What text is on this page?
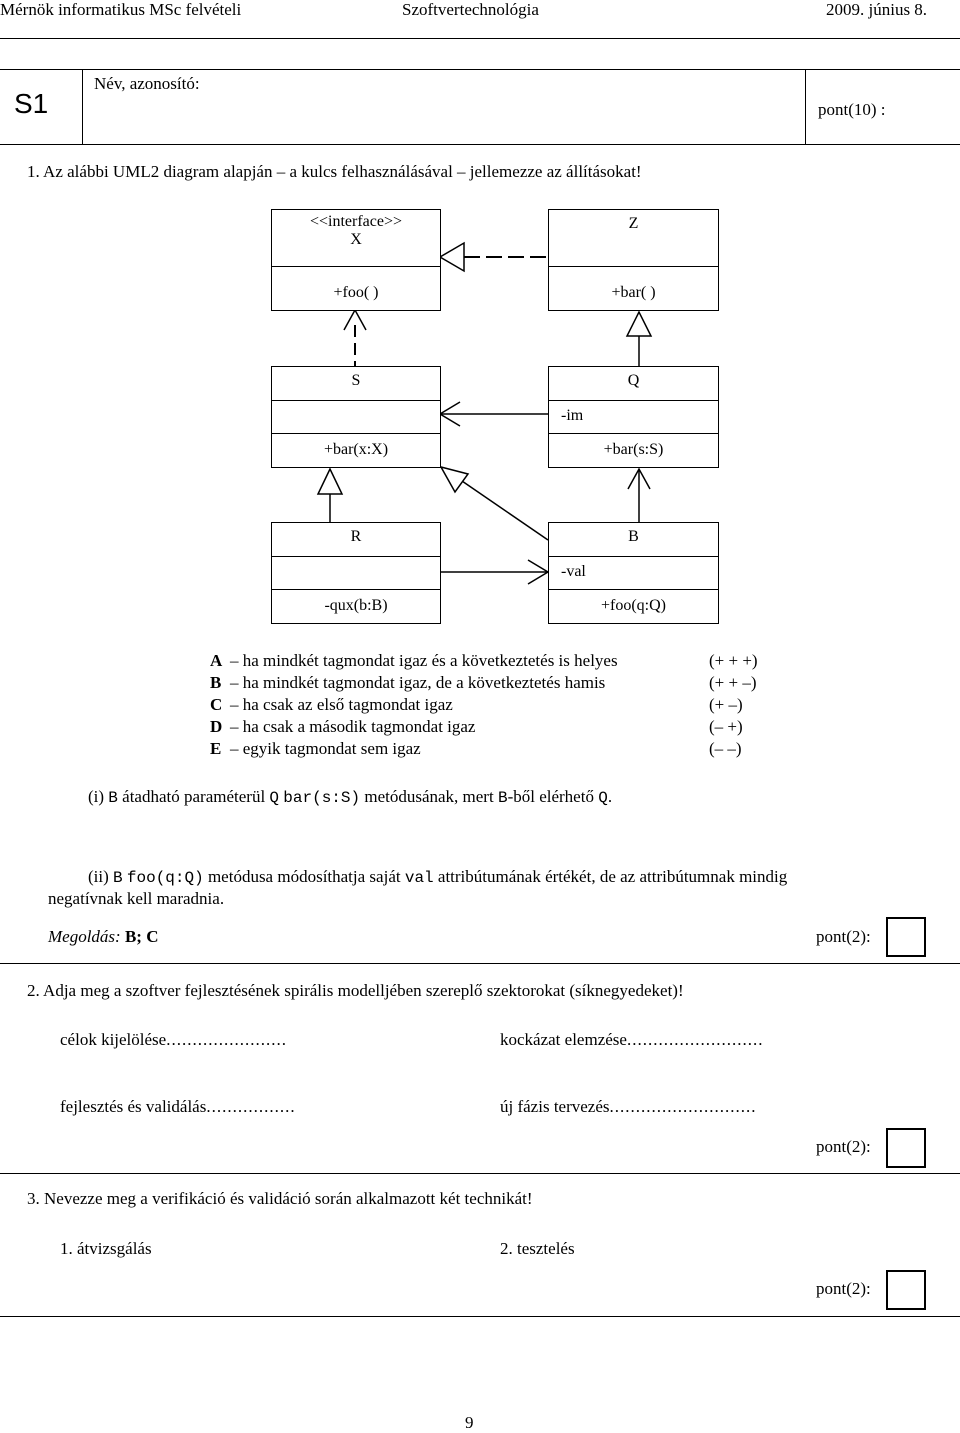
Mérnök informatikus MSc felvételi	Szoftvertechnológia	2009. június 8.
S1
Név, azonosító:
pont(10) :
1. Az alábbi UML2 diagram alapján – a kulcs felhasználásával – jellemezze az állításokat!
<<interface>>
X
+foo( )
Z
+bar( )
S
+bar(x:X)
Q
-im
+bar(s:S)
R
-qux(b:B)
B
-val
+foo(q:Q)
A – ha mindkét tagmondat igaz és a következtetés is helyes	(+ + +)
B – ha mindkét tagmondat igaz, de a következtetés hamis	(+ + –)
C – ha csak az első tagmondat igaz	(+ –)
D – ha csak a második tagmondat igaz	(– +)
E – egyik tagmondat sem igaz	(– –)
(i) B átadható paraméterül Q bar(s:S) metódusának, mert B-ből elérhető Q.
(ii) B foo(q:Q) metódusa módosíthatja saját val attribútumának értékét, de az attribútumnak mindig
negatívnak kell maradnia.
Megoldás: B; C	pont(2):
2. Adja meg a szoftver fejlesztésének spirális modelljében szereplő szektorokat (síknegyedeket)!
célok kijelölése.......................	kockázat elemzése..........................
fejlesztés és validálás.................	új fázis tervezés............................
pont(2):
3. Nevezze meg a verifikáció és validáció során alkalmazott két technikát!
1. átvizsgálás	2. tesztelés
pont(2):
9
